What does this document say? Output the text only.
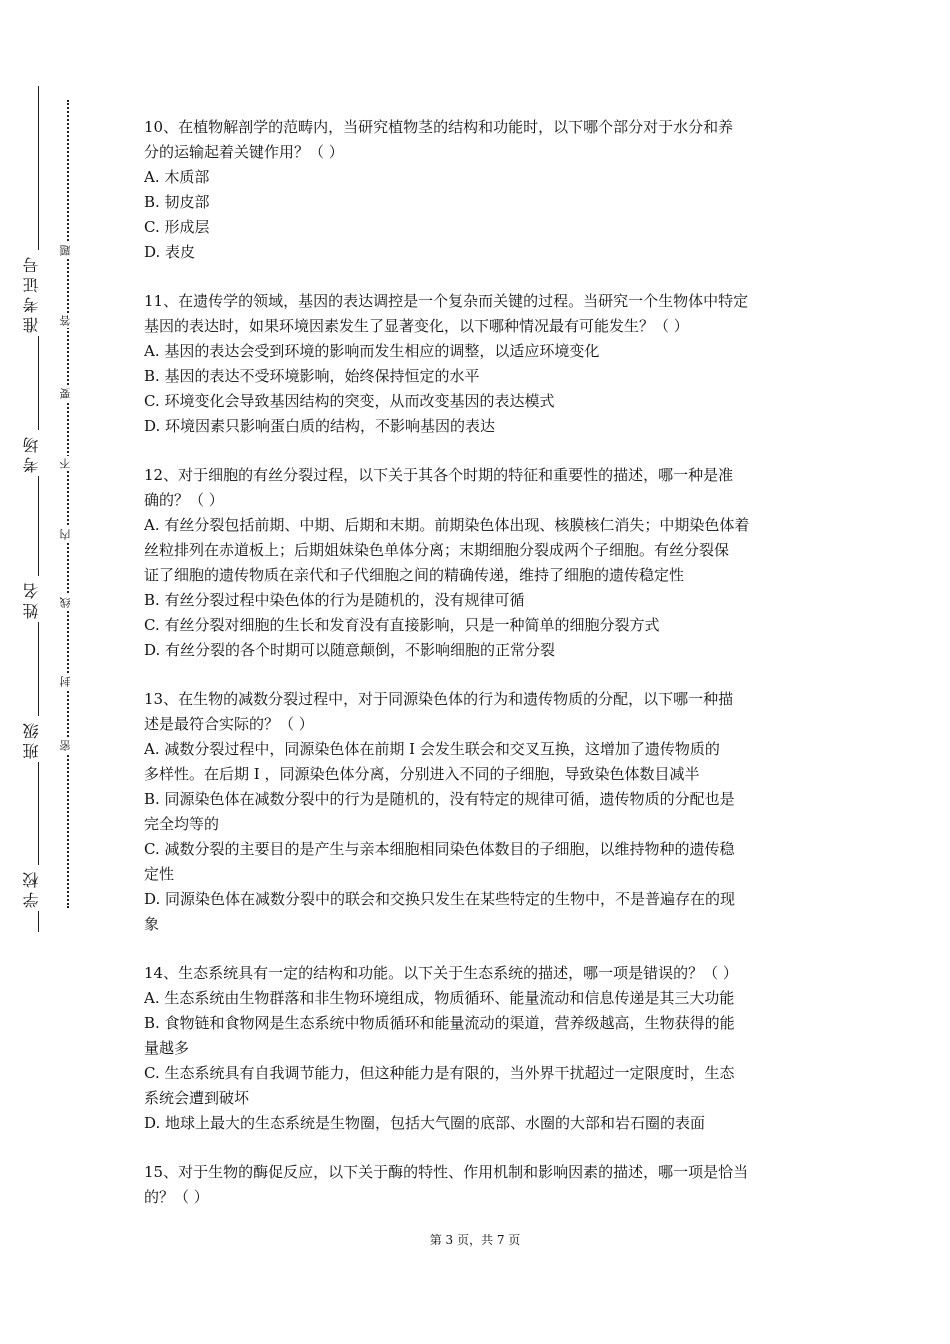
学校
班级
姓名
考场
准考证号
密
封
线
内
不
要
答
题
10、在植物解剖学的范畴内，当研究植物茎的结构和功能时，以下哪个部分对于水分和养
分的运输起着关键作用？（ ）
A. 木质部
B. 韧皮部
C. 形成层
D. 表皮
11、在遗传学的领域，基因的表达调控是一个复杂而关键的过程。当研究一个生物体中特定
基因的表达时，如果环境因素发生了显著变化，以下哪种情况最有可能发生？（ ）
A. 基因的表达会受到环境的影响而发生相应的调整，以适应环境变化
B. 基因的表达不受环境影响，始终保持恒定的水平
C. 环境变化会导致基因结构的突变，从而改变基因的表达模式
D. 环境因素只影响蛋白质的结构，不影响基因的表达
12、对于细胞的有丝分裂过程，以下关于其各个时期的特征和重要性的描述，哪一种是准
确的？（ ）
A. 有丝分裂包括前期、中期、后期和末期。前期染色体出现、核膜核仁消失；中期染色体着
丝粒排列在赤道板上；后期姐妹染色单体分离；末期细胞分裂成两个子细胞。有丝分裂保
证了细胞的遗传物质在亲代和子代细胞之间的精确传递，维持了细胞的遗传稳定性
B. 有丝分裂过程中染色体的行为是随机的，没有规律可循
C. 有丝分裂对细胞的生长和发育没有直接影响，只是一种简单的细胞分裂方式
D. 有丝分裂的各个时期可以随意颠倒，不影响细胞的正常分裂
13、在生物的减数分裂过程中，对于同源染色体的行为和遗传物质的分配，以下哪一种描
述是最符合实际的？（ ）
A. 减数分裂过程中，同源染色体在前期 I 会发生联会和交叉互换，这增加了遗传物质的
多样性。在后期 I ，同源染色体分离，分别进入不同的子细胞，导致染色体数目减半
B. 同源染色体在减数分裂中的行为是随机的，没有特定的规律可循，遗传物质的分配也是
完全均等的
C. 减数分裂的主要目的是产生与亲本细胞相同染色体数目的子细胞，以维持物种的遗传稳
定性
D. 同源染色体在减数分裂中的联会和交换只发生在某些特定的生物中，不是普遍存在的现
象
14、生态系统具有一定的结构和功能。以下关于生态系统的描述，哪一项是错误的？（ ）
A. 生态系统由生物群落和非生物环境组成，物质循环、能量流动和信息传递是其三大功能
B. 食物链和食物网是生态系统中物质循环和能量流动的渠道，营养级越高，生物获得的能
量越多
C. 生态系统具有自我调节能力，但这种能力是有限的，当外界干扰超过一定限度时，生态
系统会遭到破坏
D. 地球上最大的生态系统是生物圈，包括大气圈的底部、水圈的大部和岩石圈的表面
15、对于生物的酶促反应，以下关于酶的特性、作用机制和影响因素的描述，哪一项是恰当
的？（ ）
第 3 页，共 7 页
